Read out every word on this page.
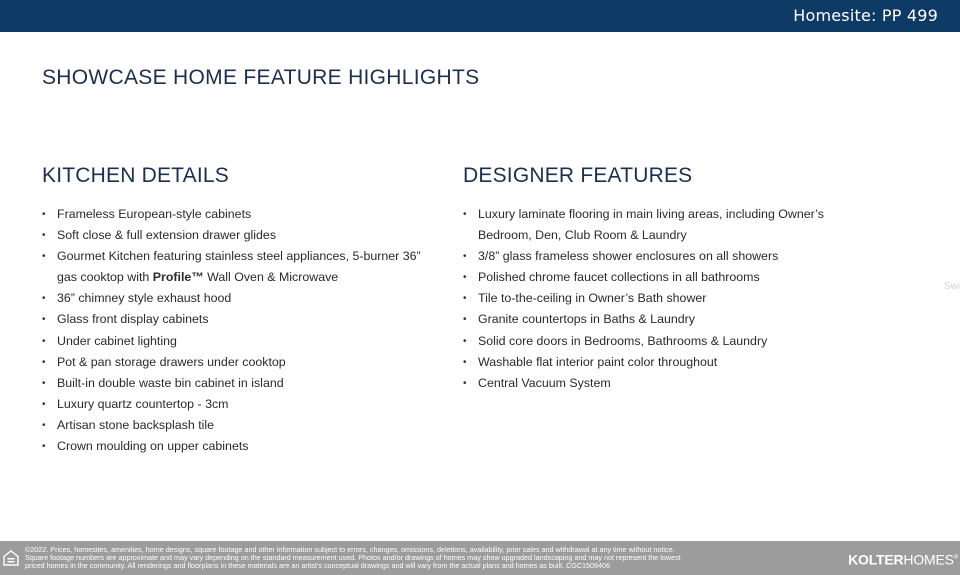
Homesite: PP 499
SHOWCASE HOME FEATURE HIGHLIGHTS
KITCHEN DETAILS
• Frameless European-style cabinets
• Soft close & full extension drawer glides
• Gourmet Kitchen featuring stainless steel appliances, 5-burner 36” gas cooktop with Profile™ Wall Oven & Microwave
• 36” chimney style exhaust hood
• Glass front display cabinets
• Under cabinet lighting
• Pot & pan storage drawers under cooktop
• Built-in double waste bin cabinet in island
• Luxury quartz countertop - 3cm
• Artisan stone backsplash tile
• Crown moulding on upper cabinets
DESIGNER FEATURES
• Luxury laminate flooring in main living areas, including Owner’s Bedroom, Den, Club Room & Laundry
• 3/8” glass frameless shower enclosures on all showers
• Polished chrome faucet collections in all bathrooms
• Tile to-the-ceiling in Owner’s Bath shower
• Granite countertops in Baths & Laundry
• Solid core doors in Bedrooms, Bathrooms & Laundry
• Washable flat interior paint color throughout
• Central Vacuum System
Swi
©2022. Prices, homesites, amenities, home designs, square footage and other information subject to errors, changes, omissions, deletions, availability, prior sales and withdrawal at any time without notice.
Square footage numbers are approximate and may vary depending on the standard measurement used. Photos and/or drawings of homes may show upgraded landscaping and may not represent the lowest
priced homes in the community. All renderings and floorplans in these materials are an artist’s conceptual drawings and will vary from the actual plans and homes as built. CGC1509406	KOLTERHOMES®
